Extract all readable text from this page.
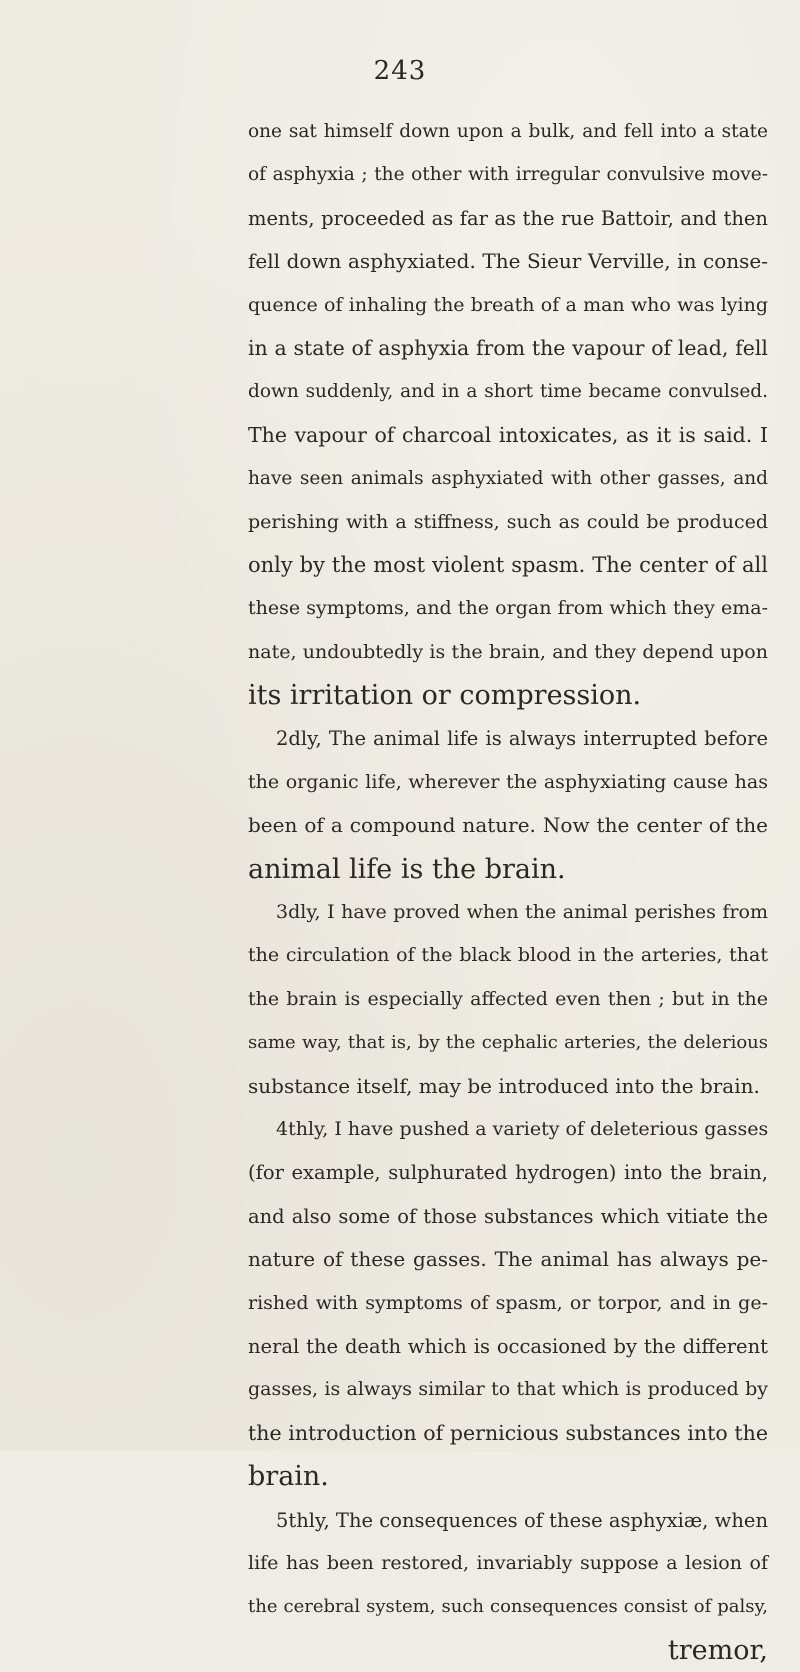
243
one sat himself down upon a bulk, and fell into a state
of asphyxia ; the other with irregular convulsive move-
ments, proceeded as far as the rue Battoir, and then
fell down asphyxiated. The Sieur Verville, in conse-
quence of inhaling the breath of a man who was lying
in a state of asphyxia from the vapour of lead, fell
down suddenly, and in a short time became convulsed.
The vapour of charcoal intoxicates, as it is said. I
have seen animals asphyxiated with other gasses, and
perishing with a stiffness, such as could be produced
only by the most violent spasm. The center of all
these symptoms, and the organ from which they ema-
nate, undoubtedly is the brain, and they depend upon
its irritation or compression.
2dly, The animal life is always interrupted before
the organic life, wherever the asphyxiating cause has
been of a compound nature. Now the center of the
animal life is the brain.
3dly, I have proved when the animal perishes from
the circulation of the black blood in the arteries, that
the brain is especially affected even then ; but in the
same way, that is, by the cephalic arteries, the delerious
substance itself, may be introduced into the brain.
4thly, I have pushed a variety of deleterious gasses
(for example, sulphurated hydrogen) into the brain,
and also some of those substances which vitiate the
nature of these gasses. The animal has always pe-
rished with symptoms of spasm, or torpor, and in ge-
neral the death which is occasioned by the different
gasses, is always similar to that which is produced by
the introduction of pernicious substances into the
brain.
5thly, The consequences of these asphyxiæ, when
life has been restored, invariably suppose a lesion of
the cerebral system, such consequences consist of palsy,
tremor,
